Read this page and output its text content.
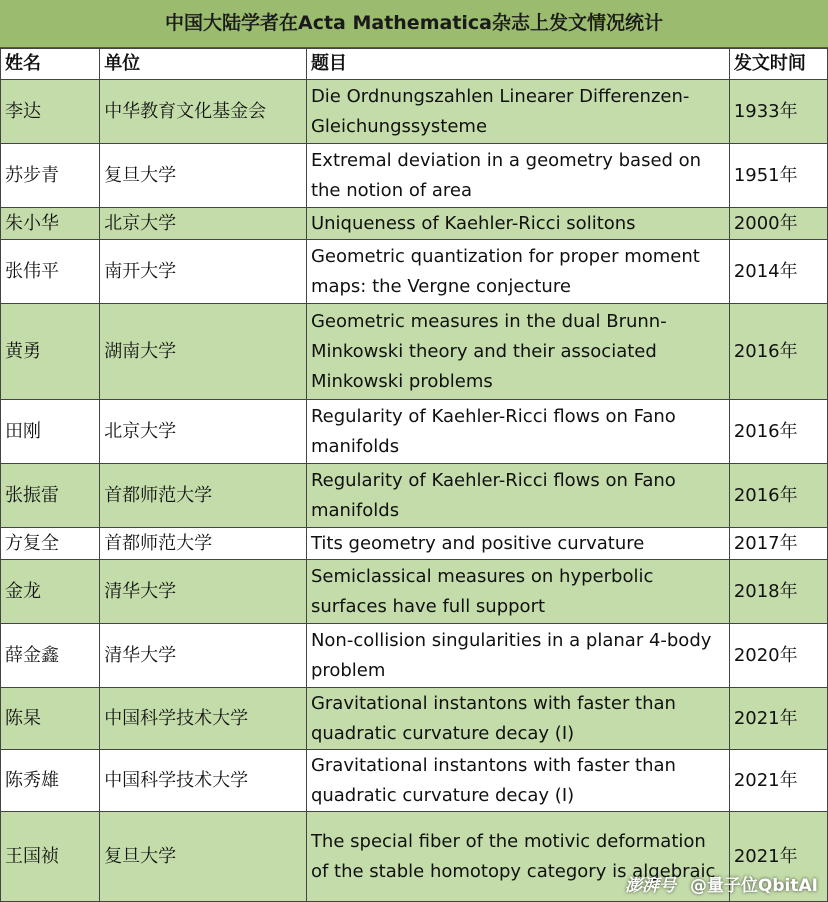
中国大陆学者在Acta Mathematica杂志上发文情况统计
姓名	单位	题目	发文时间
李达	中华教育文化基金会	Die Ordnungszahlen Linearer Differenzen-Gleichungssysteme	1933年
苏步青	复旦大学	Extremal deviation in a geometry based on the notion of area	1951年
朱小华	北京大学	Uniqueness of Kaehler-Ricci solitons	2000年
张伟平	南开大学	Geometric quantization for proper moment maps: the Vergne conjecture	2014年
黄勇	湖南大学	Geometric measures in the dual Brunn-Minkowski theory and their associated Minkowski problems	2016年
田刚	北京大学	Regularity of Kaehler-Ricci flows on Fano manifolds	2016年
张振雷	首都师范大学	Regularity of Kaehler-Ricci flows on Fano manifolds	2016年
方复全	首都师范大学	Tits geometry and positive curvature	2017年
金龙	清华大学	Semiclassical measures on hyperbolic surfaces have full support	2018年
薛金鑫	清华大学	Non-collision singularities in a planar 4-body problem	2020年
陈杲	中国科学技术大学	Gravitational instantons with faster than quadratic curvature decay (I)	2021年
陈秀雄	中国科学技术大学	Gravitational instantons with faster than quadratic curvature decay (I)	2021年
王国祯	复旦大学	The special fiber of the motivic deformation of the stable homotopy category is algebraic	2021年
澎湃号 @量子位QbitAI
